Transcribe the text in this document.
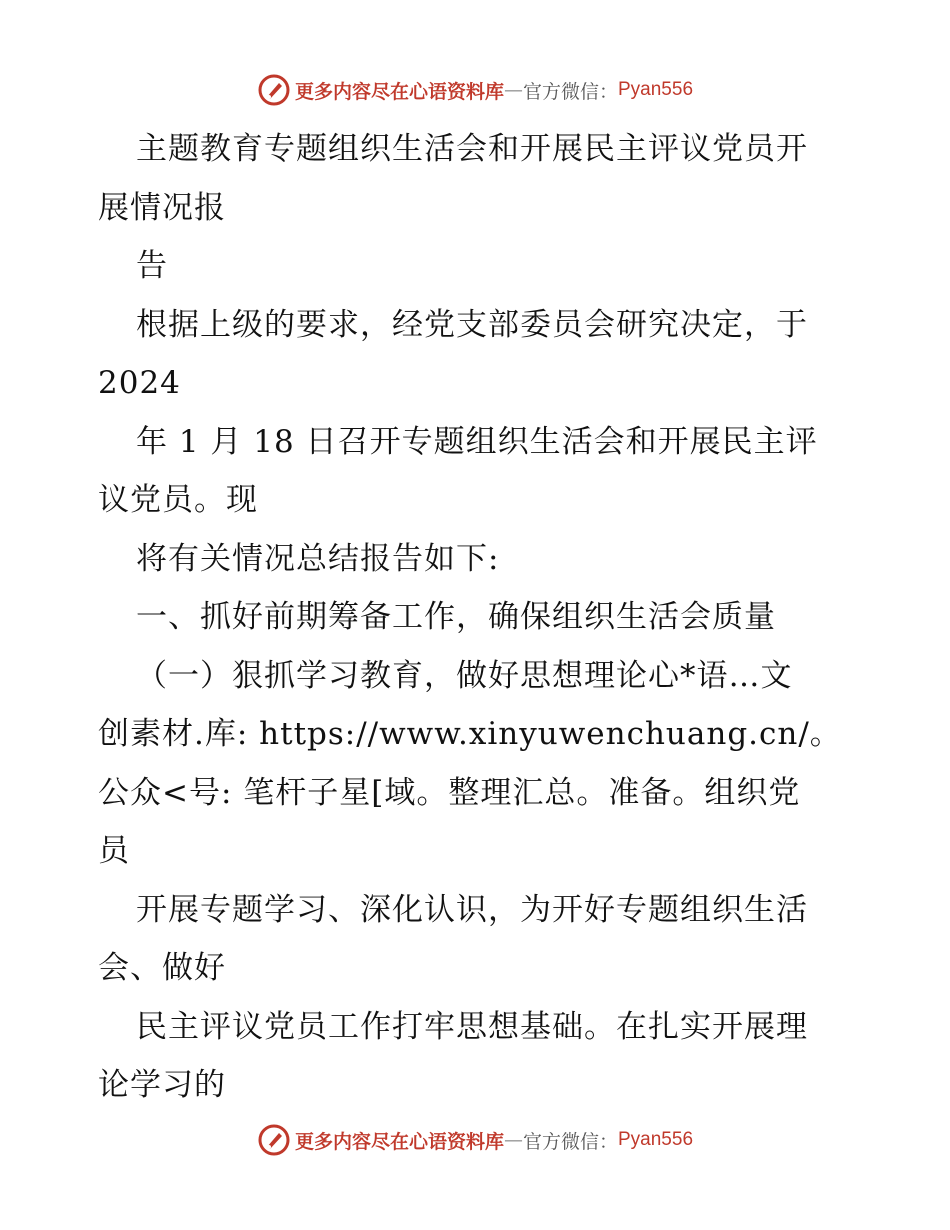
更多内容尽在心语资料库 — 官方微信： Pyan556
主题教育专题组织生活会和开展民主评议党员开
展情况报
告
根据上级的要求，经党支部委员会研究决定，于
2024
年 1 月 18 日召开专题组织生活会和开展民主评
议党员。现
将有关情况总结报告如下:
一、抓好前期筹备工作，确保组织生活会质量
（一）狠抓学习教育，做好思想理论心*语…文
创素材.库: https://www.xinyuwenchuang.cn/。
公众<号: 笔杆子星[域。整理汇总。准备。组织党
员
开展专题学习、深化认识，为开好专题组织生活
会、做好
民主评议党员工作打牢思想基础。在扎实开展理
论学习的
更多内容尽在心语资料库 — 官方微信： Pyan556
